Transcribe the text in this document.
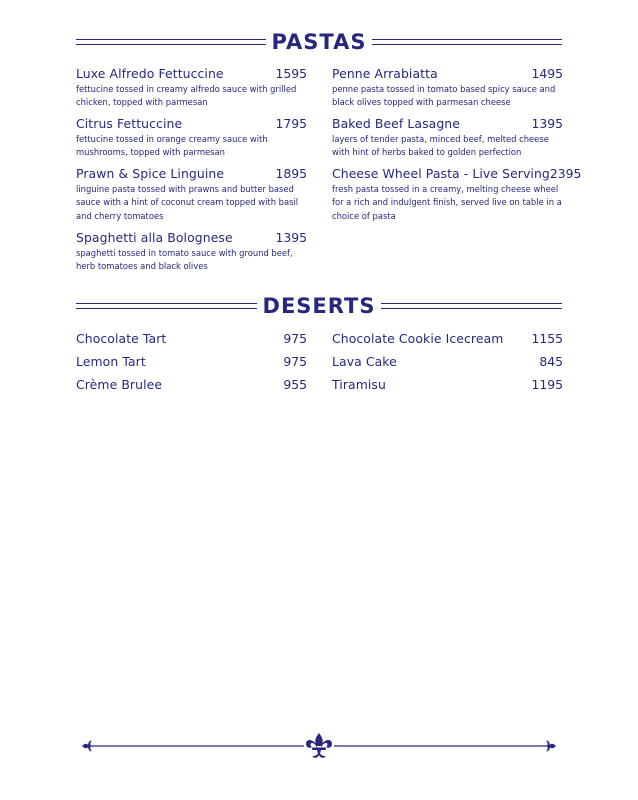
PASTAS
Luxe Alfredo Fettuccine	1595
fettucine tossed in creamy alfredo sauce with grilled chicken, topped with parmesan
Citrus Fettuccine	1795
fettucine tossed in orange creamy sauce with mushrooms, topped with parmesan
Prawn & Spice Linguine	1895
linguine pasta tossed with prawns and butter based sauce with a hint of coconut cream topped with basil and cherry tomatoes
Spaghetti alla Bolognese	1395
spaghetti tossed in tomato sauce with ground beef, herb tomatoes and black olives
Penne Arrabiatta	1495
penne pasta tossed in tomato based spicy sauce and black olives topped with parmesan cheese
Baked Beef Lasagne	1395
layers of tender pasta, minced beef, melted cheese with hint of herbs baked to golden perfection
Cheese Wheel Pasta - Live Serving 2395
fresh pasta tossed in a creamy, melting cheese wheel for a rich and indulgent finish, served live on table in a choice of pasta
DESERTS
Chocolate Tart	975
Lemon Tart	975
Crème Brulee	955
Chocolate Cookie Icecream 1155
Lava Cake	845
Tiramisu	1195
